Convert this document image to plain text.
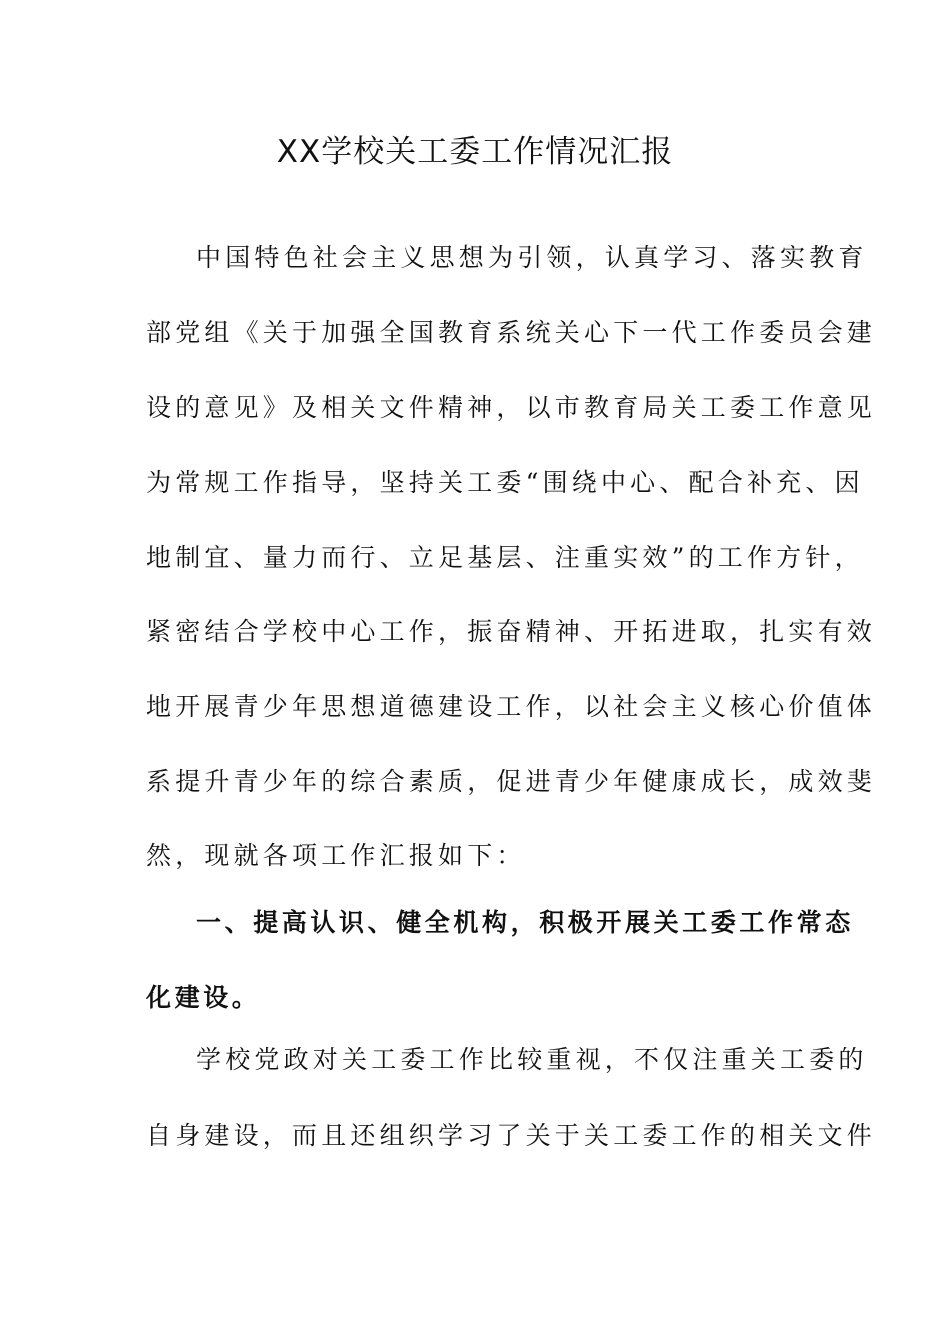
XX学校关工委工作情况汇报
中国特色社会主义思想为引领，认真学习、落实教育
部党组《关于加强全国教育系统关心下一代工作委员会建
设的意见》及相关文件精神，以市教育局关工委工作意见
为常规工作指导，坚持关工委“围绕中心、配合补充、因
地制宜、量力而行、立足基层、注重实效”的工作方针，
紧密结合学校中心工作，振奋精神、开拓进取，扎实有效
地开展青少年思想道德建设工作，以社会主义核心价值体
系提升青少年的综合素质，促进青少年健康成长，成效斐
然，现就各项工作汇报如下：
一、提高认识、健全机构，积极开展关工委工作常态
化建设。
学校党政对关工委工作比较重视，不仅注重关工委的
自身建设，而且还组织学习了关于关工委工作的相关文件
